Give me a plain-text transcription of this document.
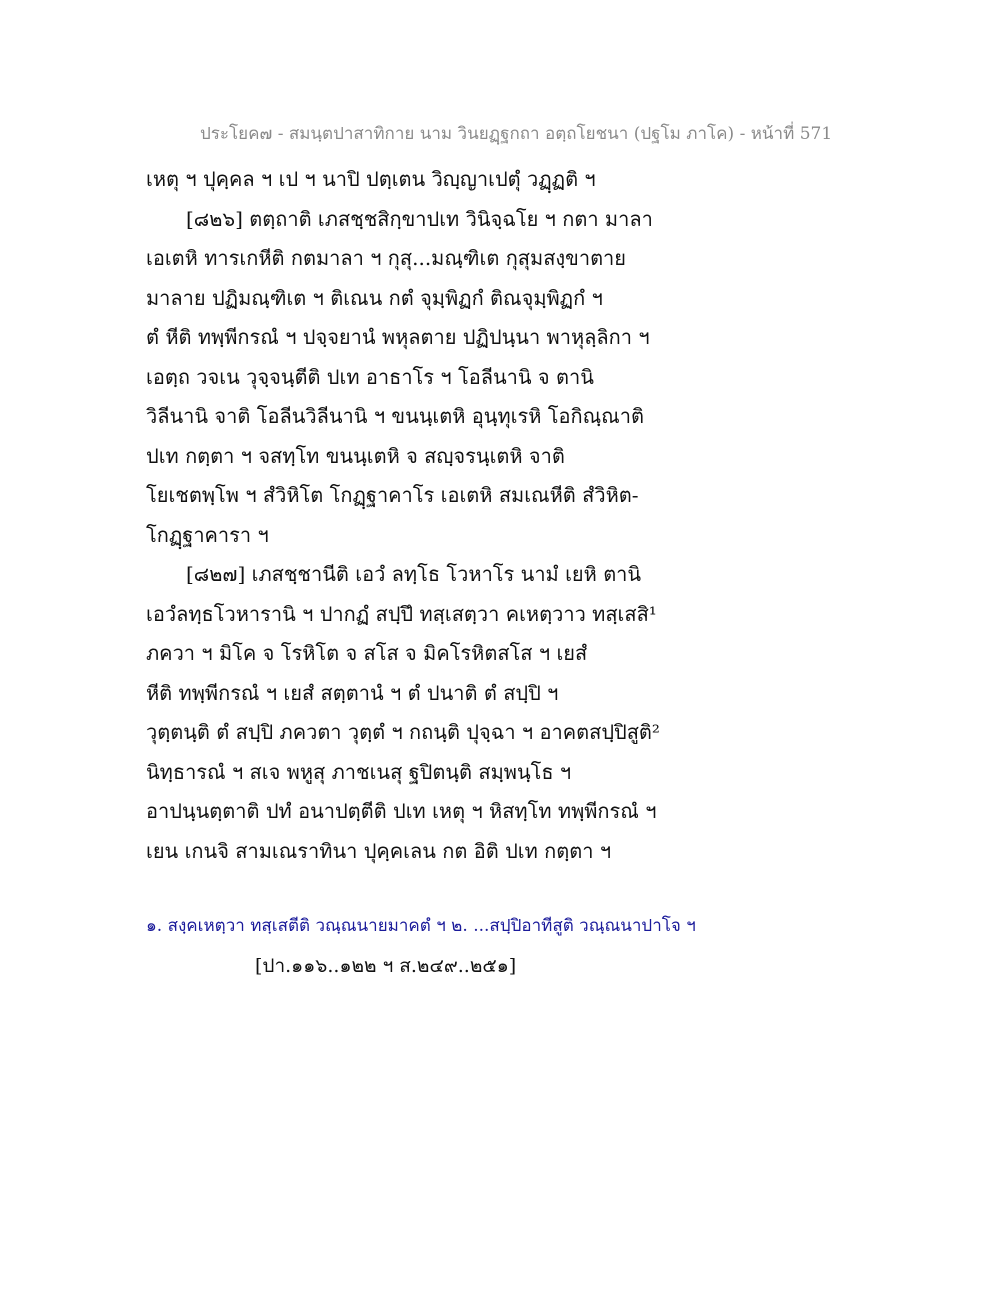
ประโยค๗ - สมนฺตปาสาทิกาย นาม วินยฏฺฐกถา อตฺถโยชนา (ปฐโม ภาโค) - หน้าที่ 571
เหตุ ฯ ปุคฺคล ฯ เป ฯ นาปิ ปตฺเตน วิญฺญาเปตุํ วฏฺฏติ ฯ
[๘๒๖] ตตฺถาติ เภสชฺชสิกฺขาปเท วินิจฺฉโย ฯ กตา มาลา
เอเตหิ ทารเกหีติ กตมาลา ฯ กุสุ...มณฺฑิเต กุสุมสงฺขาตาย
มาลาย ปฏิมณฺฑิเต ฯ ติเณน กตํ จุมฺพิฏกํ ติณจุมฺพิฏกํ ฯ
ตํ หีติ ทพฺพีกรณํ ฯ ปจฺจยานํ พหุลตาย ปฏิปนฺนา พาหุลฺลิกา ฯ
เอตฺถ วจเน วุจฺจนฺตีติ ปเท อาธาโร ฯ โอลีนานิ จ ตานิ
วิลีนานิ จาติ โอลีนวิลีนานิ ฯ ขนนฺเตหิ อุนฺทุเรหิ โอกิณฺณาติ
ปเท กตฺตา ฯ จสทฺโท ขนนฺเตหิ จ สญฺจรนฺเตหิ จาติ
โยเชตพฺโพ ฯ สํวิหิโต โกฏฺฐาคาโร เอเตหิ สมเณหีติ สํวิหิต-
โกฏฺฐาคารา ฯ
[๘๒๗] เภสชฺชานีติ เอวํ ลทฺโธ โวหาโร นามํ เยหิ ตานิ
เอวํลทฺธโวหารานิ ฯ ปากฏํ สปฺปึ ทสฺเสตฺวา คเหตฺวาว ทสฺเสสิ¹
ภควา ฯ มิโค จ โรหิโต จ สโส จ มิคโรหิตสโส ฯ เยสํ
หีติ ทพฺพีกรณํ ฯ เยสํ สตฺตานํ ฯ ตํ ปนาติ ตํ สปฺปิ ฯ
วุตฺตนฺติ ตํ สปฺปิ ภควตา วุตฺตํ ฯ กถนฺติ ปุจฺฉา ฯ อาคตสปฺปิสูติ²
นิทฺธารณํ ฯ สเจ พหูสุ ภาชเนสุ ฐปิตนฺติ สมฺพนฺโธ ฯ
อาปนฺนตฺตาติ ปทํ อนาปตฺตีติ ปเท เหตุ ฯ หิสทฺโท ทพฺพีกรณํ ฯ
เยน เกนจิ สามเณราทินา ปุคฺคเลน กต อิติ ปเท กตฺตา ฯ
๑. สงฺคเหตฺวา ทสฺเสตีติ วณฺณนายมาคตํ ฯ ๒. ...สปฺปิอาทีสูติ วณฺณนาปาโจ ฯ
[ปา.๑๑๖..๑๒๒ ฯ ส.๒๔๙..๒๕๑]
